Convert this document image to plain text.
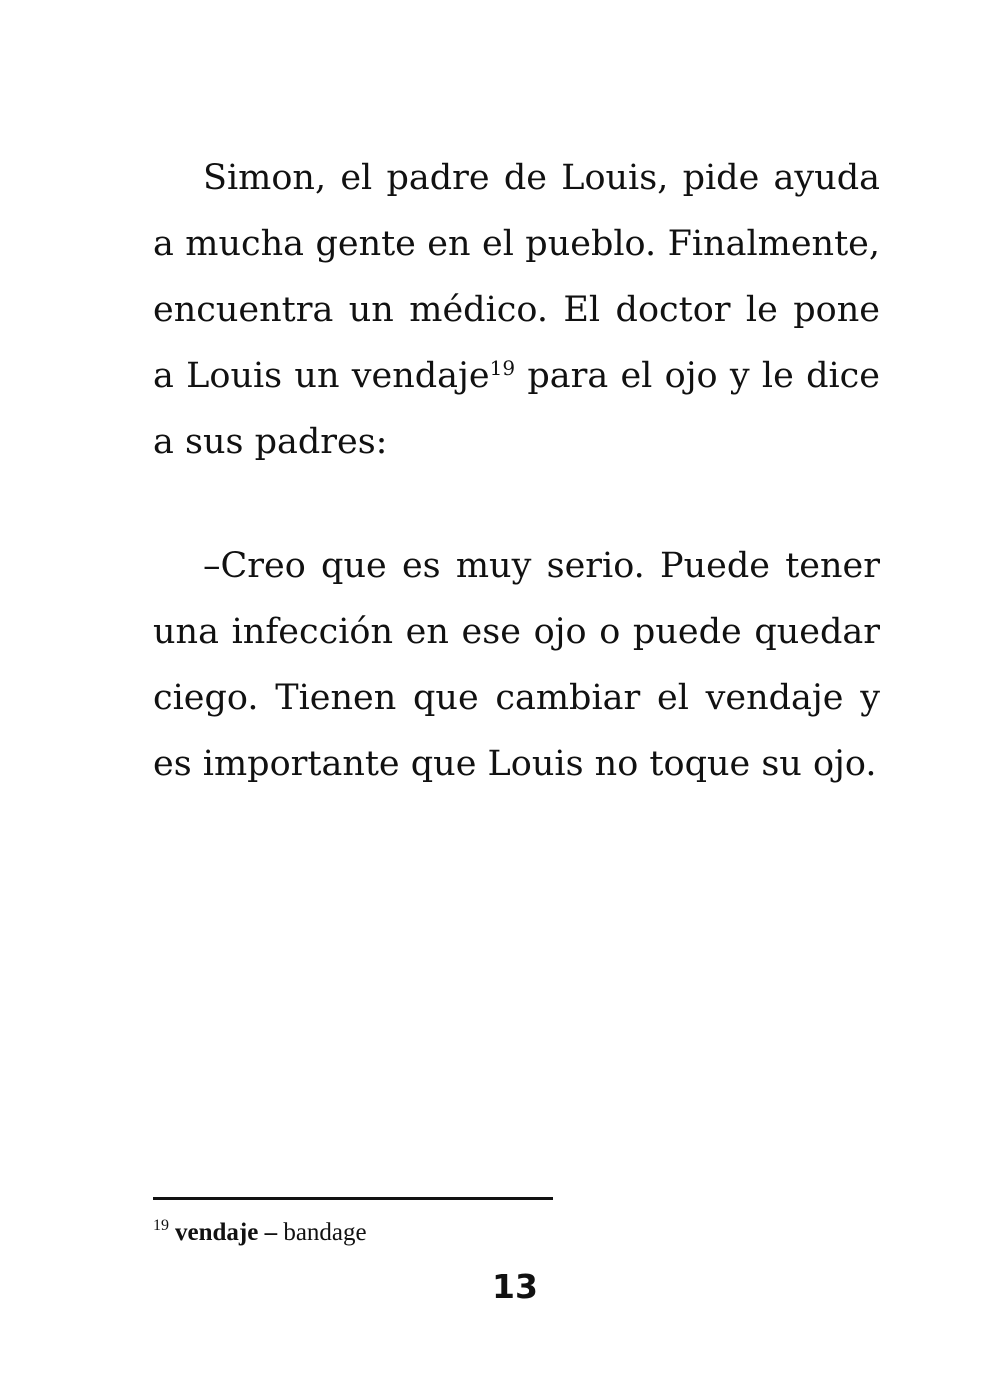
Simon, el padre de Louis, pide ayuda a mucha gente en el pueblo. Finalmente, encuentra un médico. El doctor le pone a Louis un vendaje$^{19}$ para el ojo y le dice a sus padres:

–Creo que es muy serio. Puede tener una infección en ese ojo o puede quedar ciego. Tienen que cambiar el vendaje y es importante que Louis no toque su ojo.

$^{19}$ vendaje – bandage
13
